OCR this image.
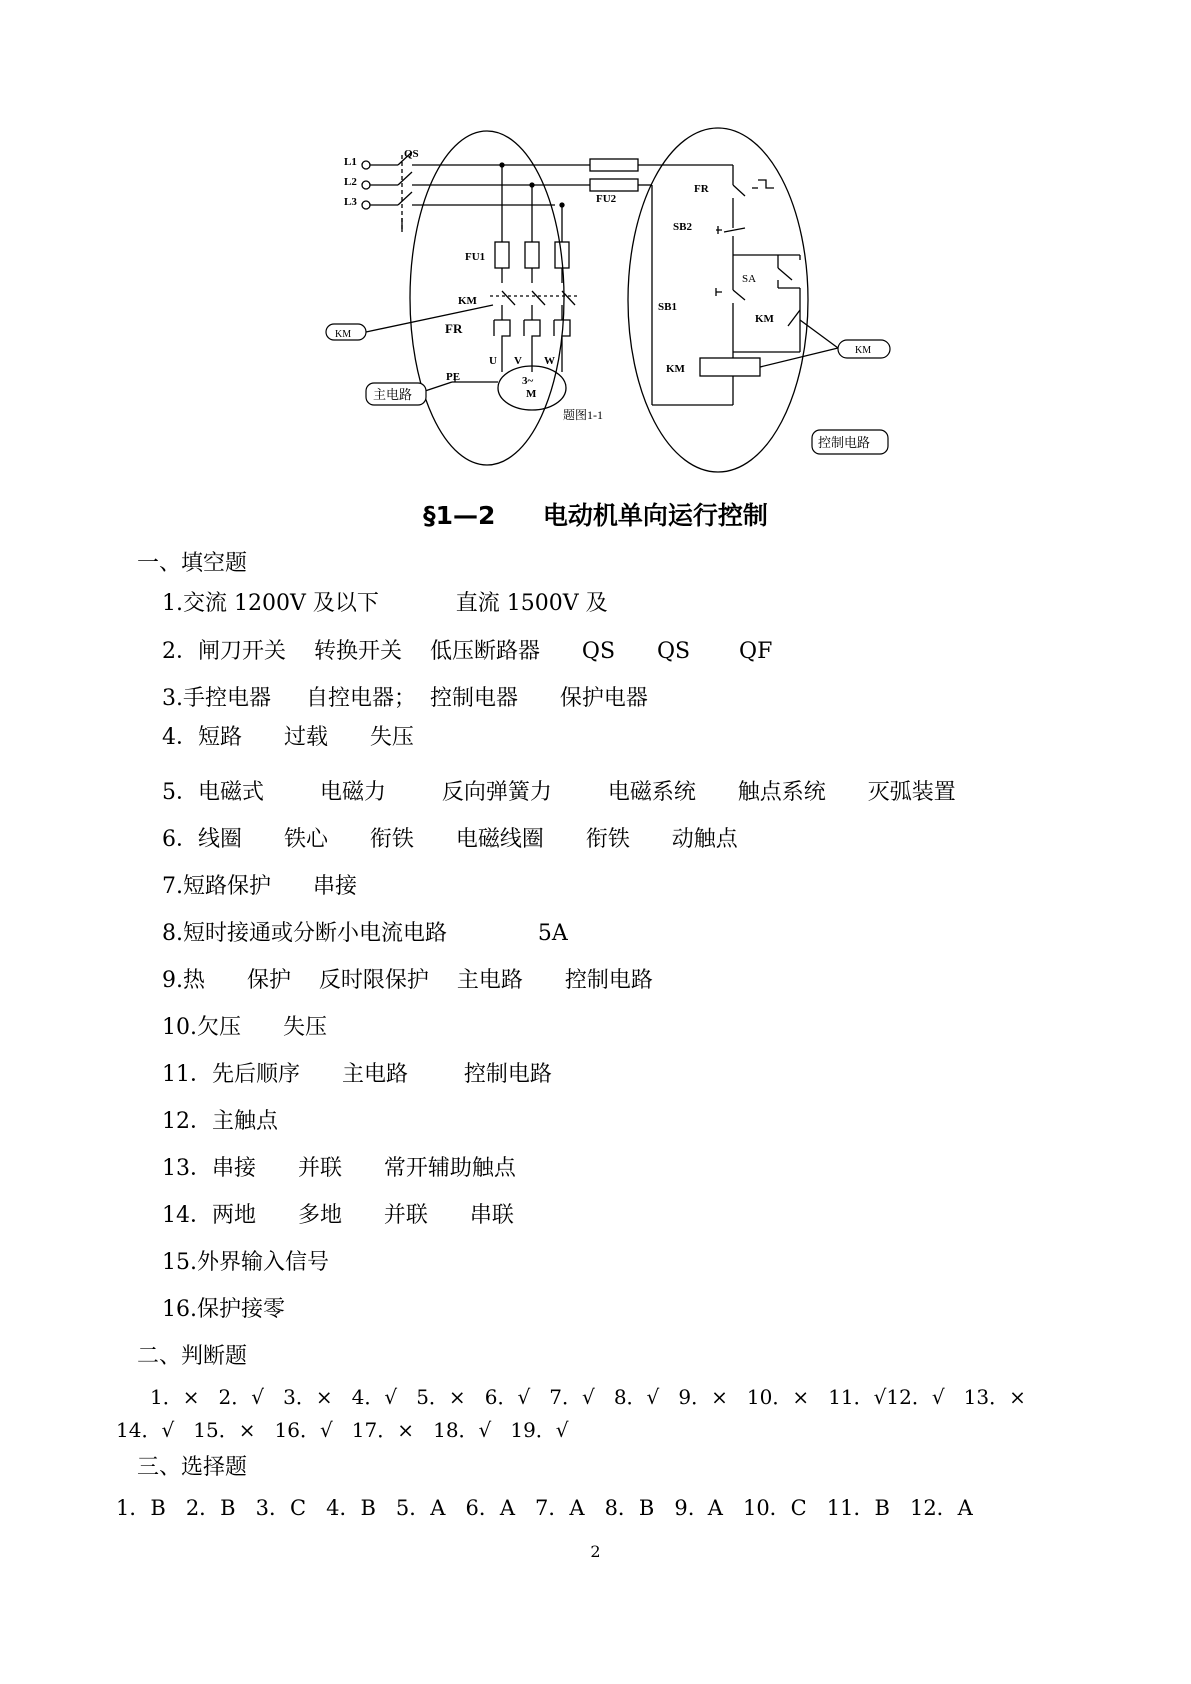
L1
L2
L3
QS
FU1
FU2
KM
FR
U V W
PE	3~
M
题图1-1
FR
SB2
SA
SB1
KM
KM
KM
主电路
KM
控制电路
§1—2 电动机单向运行控制
一、填空题
1.交流 1200V 及以下           直流 1500V 及
2．闸刀开关    转换开关    低压断路器      QS      QS       QF
3.手控电器     自控电器；  控制电器      保护电器
4．短路      过载      失压
5．电磁式        电磁力        反向弹簧力        电磁系统      触点系统      灭弧装置
6．线圈      铁心      衔铁      电磁线圈      衔铁      动触点
7.短路保护      串接
8.短时接通或分断小电流电路             5A
9.热      保护    反时限保护    主电路      控制电路
10.欠压      失压
11．先后顺序      主电路        控制电路
12．主触点
13．串接      并联      常开辅助触点
14．两地      多地      并联      串联
15.外界输入信号
16.保护接零
二、判断题
1．×   2．√   3．×   4．√   5．×   6．√   7．√   8．√   9．×   10．×   11．√12．√   13．×
14．√   15．×   16．√   17．×   18．√   19．√
三、选择题
1．B   2．B   3．C   4．B   5．A   6．A   7．A   8．B   9.  A   10．C   11．B   12．A
2
